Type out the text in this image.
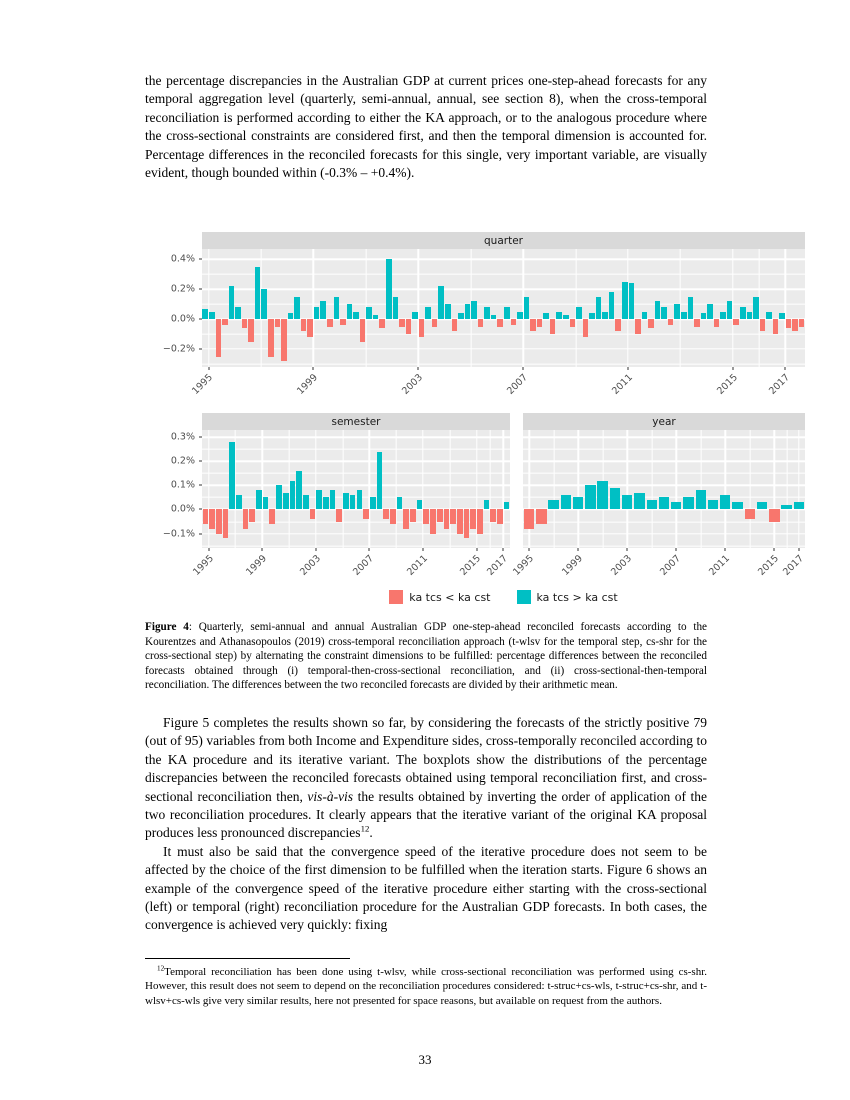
the percentage discrepancies in the Australian GDP at current prices one-step-ahead forecasts for any temporal aggregation level (quarterly, semi-annual, annual, see section 8), when the cross-temporal reconciliation is performed according to either the KA approach, or to the analogous procedure where the cross-sectional constraints are considered first, and then the temporal dimension is accounted for. Percentage differences in the reconciled forecasts for this single, very important variable, are visually evident, though bounded within (-0.3% – +0.4%).

quarter
0.4%
0.2%
0.0%
−0.2%
1995	1999	2003	2007	2011	2015	2017
semester
0.3%
0.2%
0.1%
0.0%
−0.1%
1995	1999	2003	2007	2011	2015 2017
year
1995	1999	2003	2007	2011	2015 2017
ka tcs < ka cst	ka tcs > ka cst
Figure 4: Quarterly, semi-annual and annual Australian GDP one-step-ahead reconciled forecasts according to the Kourentzes and Athanasopoulos (2019) cross-temporal reconciliation approach (t-wlsv for the temporal step, cs-shr for the cross-sectional step) by alternating the constraint dimensions to be fulfilled: percentage differences between the reconciled forecasts obtained through (i) temporal-then-cross-sectional reconciliation, and (ii) cross-sectional-then-temporal reconciliation. The differences between the two reconciled forecasts are divided by their arithmetic mean.

Figure 5 completes the results shown so far, by considering the forecasts of the strictly positive 79 (out of 95) variables from both Income and Expenditure sides, cross-temporally reconciled according to the KA procedure and its iterative variant. The boxplots show the distributions of the percentage discrepancies between the reconciled forecasts obtained using temporal reconciliation first, and cross-sectional reconciliation then, vis-à-vis the results obtained by inverting the order of application of the two reconciliation procedures. It clearly appears that the iterative variant of the original KA proposal produces less pronounced discrepancies$^{12}$.

It must also be said that the convergence speed of the iterative procedure does not seem to be affected by the choice of the first dimension to be fulfilled when the iteration starts. Figure 6 shows an example of the convergence speed of the iterative procedure either starting with the cross-sectional (left) or temporal (right) reconciliation procedure for the Australian GDP forecasts. In both cases, the convergence is achieved very quickly: fixing

$^{12}$Temporal reconciliation has been done using t-wlsv, while cross-sectional reconciliation was performed using cs-shr. However, this result does not seem to depend on the reconciliation procedures considered: t-struc+cs-wls, t-struc+cs-shr, and t-wlsv+cs-wls give very similar results, here not presented for space reasons, but available on request from the authors.

33
